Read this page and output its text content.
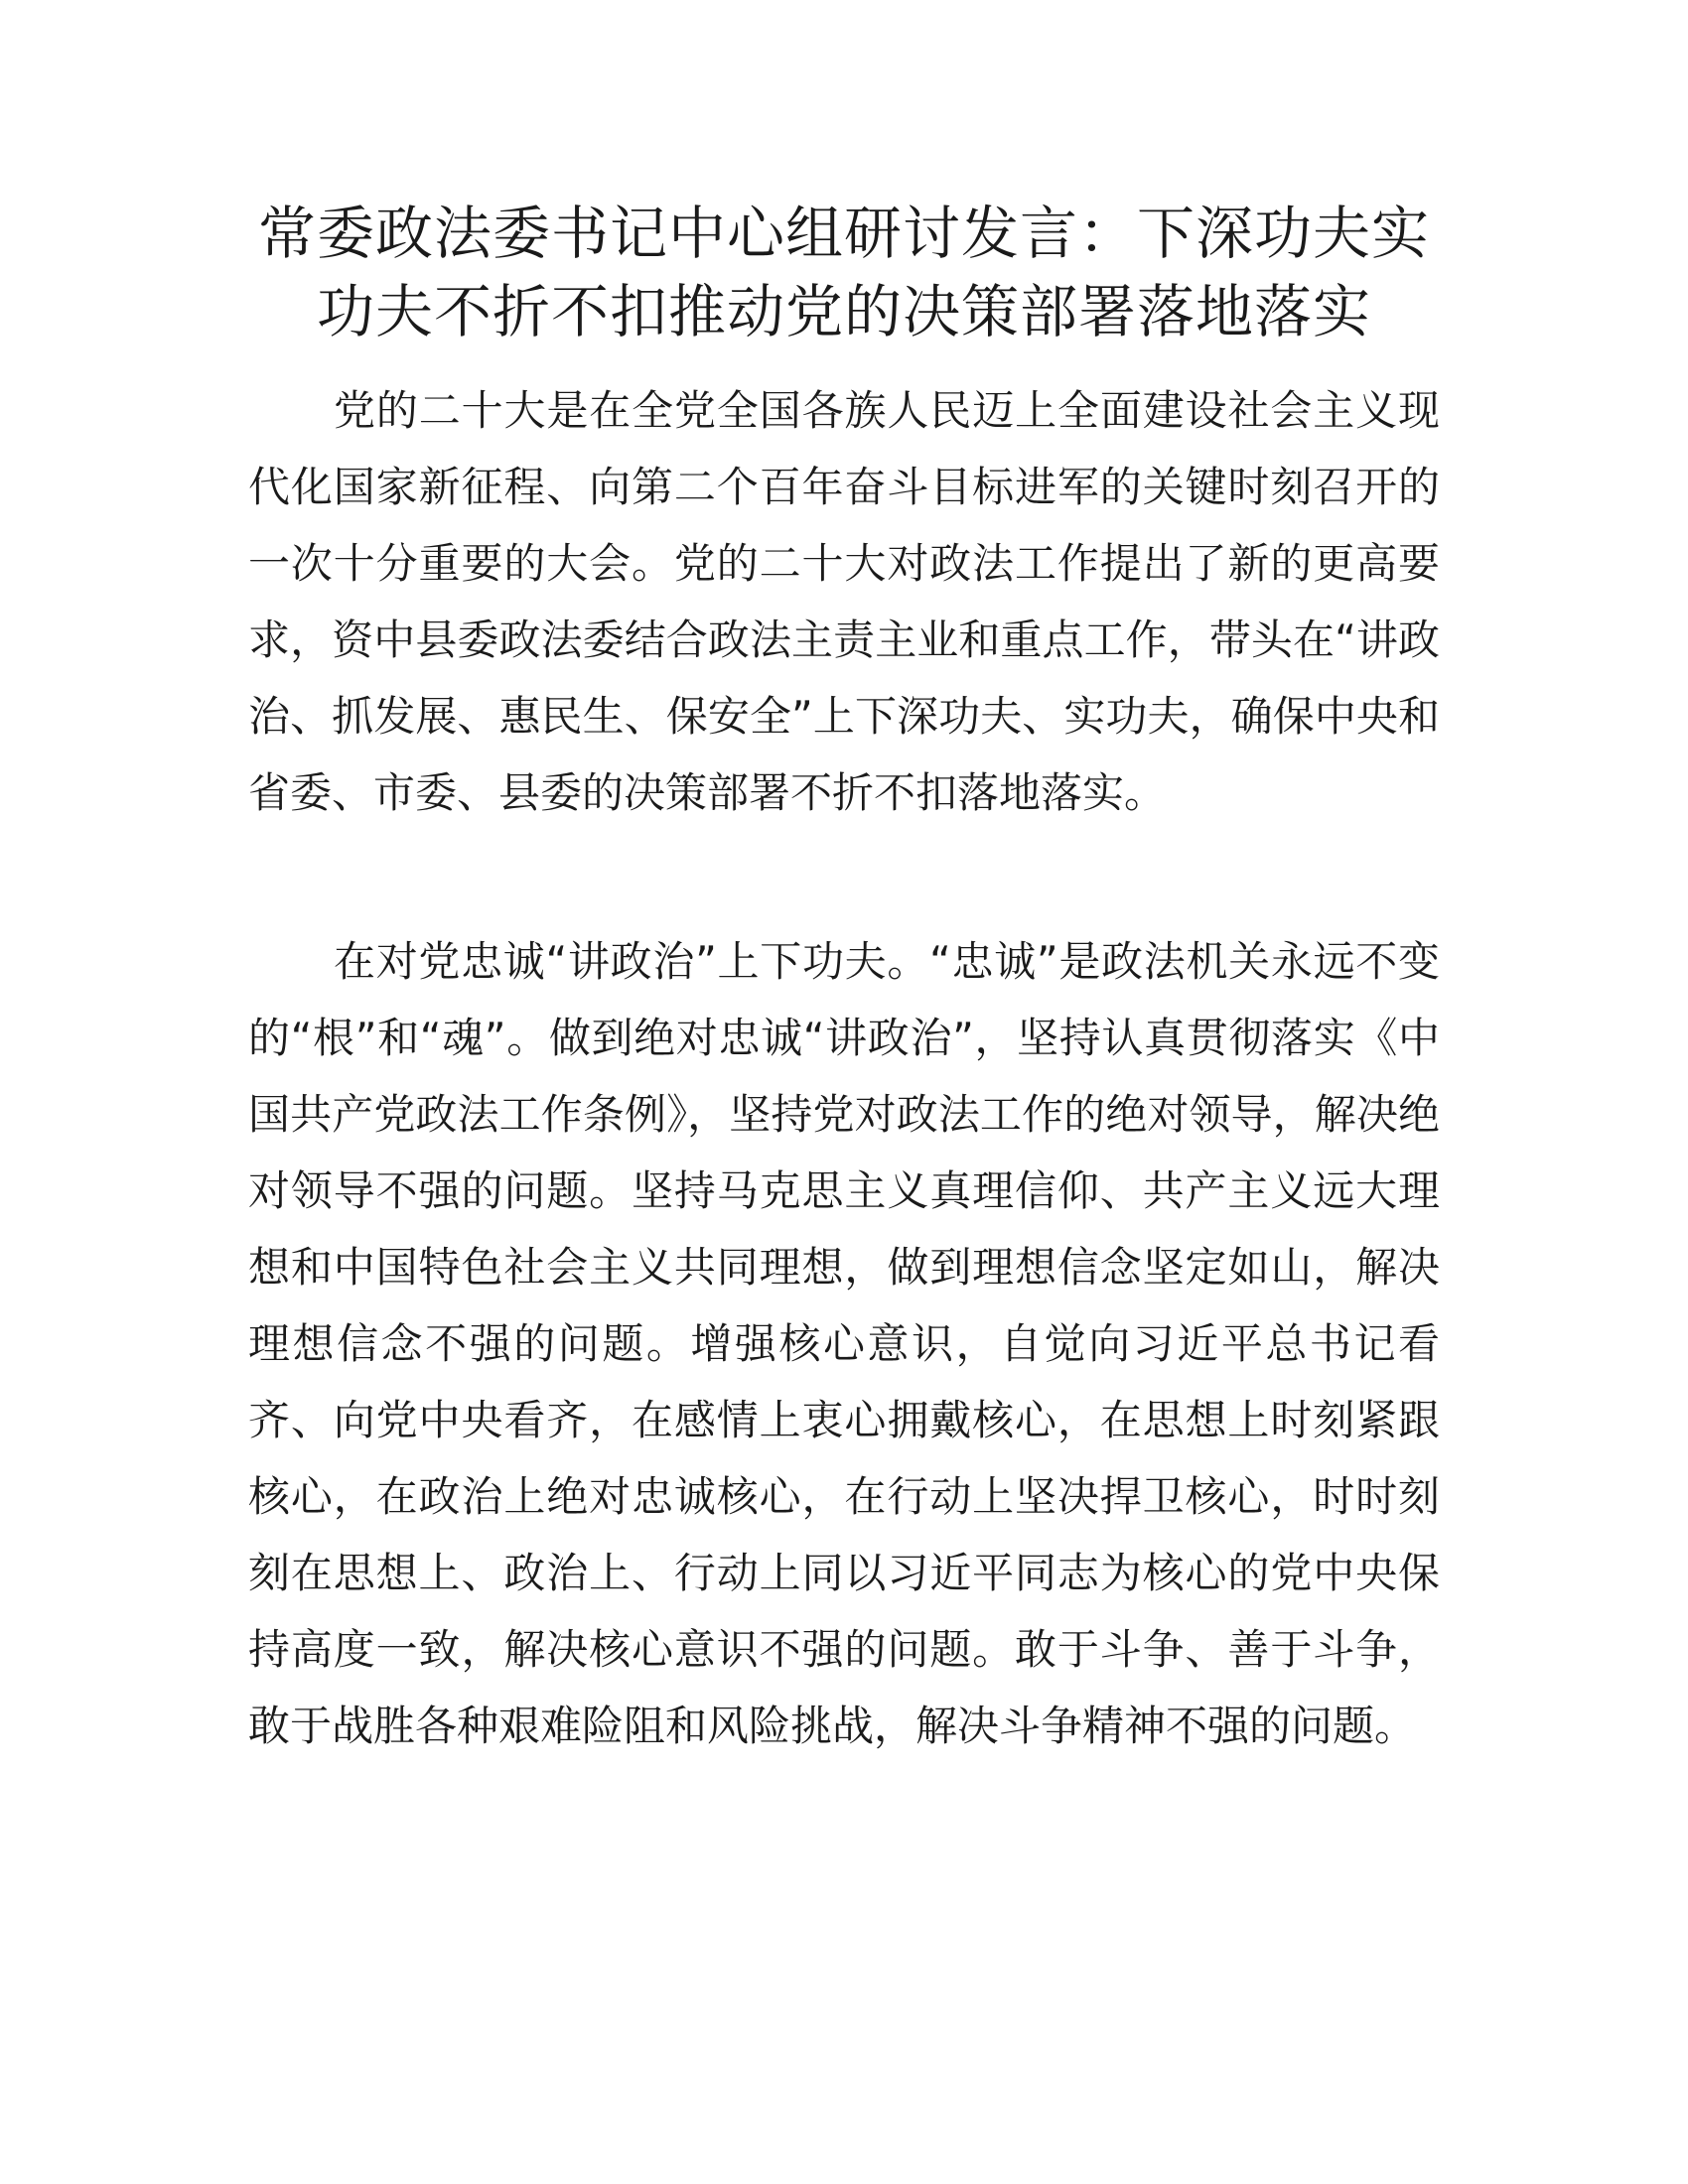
常委政法委书记中心组研讨发言：下深功夫实功夫不折不扣推动党的决策部署落地落实

党的二十大是在全党全国各族人民迈上全面建设社会主义现代化国家新征程、向第二个百年奋斗目标进军的关键时刻召开的一次十分重要的大会。党的二十大对政法工作提出了新的更高要求，资中县委政法委结合政法主责主业和重点工作，带头在“讲政治、抓发展、惠民生、保安全”上下深功夫、实功夫，确保中央和省委、市委、县委的决策部署不折不扣落地落实。

在对党忠诚“讲政治”上下功夫。“忠诚”是政法机关永远不变的“根”和“魂”。做到绝对忠诚“讲政治”，坚持认真贯彻落实《中国共产党政法工作条例》，坚持党对政法工作的绝对领导，解决绝对领导不强的问题。坚持马克思主义真理信仰、共产主义远大理想和中国特色社会主义共同理想，做到理想信念坚定如山，解决理想信念不强的问题。增强核心意识，自觉向习近平总书记看齐、向党中央看齐，在感情上衷心拥戴核心，在思想上时刻紧跟核心，在政治上绝对忠诚核心，在行动上坚决捍卫核心，时时刻刻在思想上、政治上、行动上同以习近平同志为核心的党中央保持高度一致，解决核心意识不强的问题。敢于斗争、善于斗争，敢于战胜各种艰难险阻和风险挑战，解决斗争精神不强的问题。
